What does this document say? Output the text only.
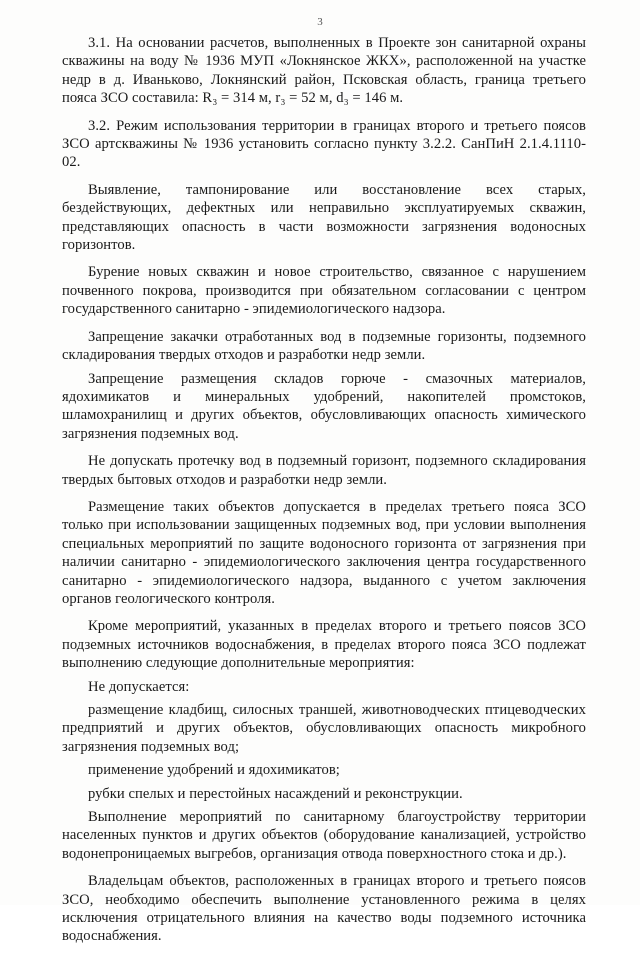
3

3.1. На основании расчетов, выполненных в Проекте зон санитарной охраны скважины на воду № 1936 МУП «Локнянское ЖКХ», расположенной на участке недр в д. Иваньково, Локнянский район, Псковская область, граница третьего пояса ЗСО составила: R₃ = 314 м, r₃ = 52 м, d₃ = 146 м.

3.2. Режим использования территории в границах второго и третьего поясов ЗСО артскважины № 1936 установить согласно пункту 3.2.2. СанПиН 2.1.4.1110-02.

Выявление, тампонирование или восстановление всех старых, бездействующих, дефектных или неправильно эксплуатируемых скважин, представляющих опасность в части возможности загрязнения водоносных горизонтов.

Бурение новых скважин и новое строительство, связанное с нарушением почвенного покрова, производится при обязательном согласовании с центром государственного санитарно - эпидемиологического надзора.

Запрещение закачки отработанных вод в подземные горизонты, подземного складирования твердых отходов и разработки недр земли.

Запрещение размещения складов горюче - смазочных материалов, ядохимикатов и минеральных удобрений, накопителей промстоков, шламохранилищ и других объектов, обусловливающих опасность химического загрязнения подземных вод.

Не допускать протечку вод в подземный горизонт, подземного складирования твердых бытовых отходов и разработки недр земли.

Размещение таких объектов допускается в пределах третьего пояса ЗСО только при использовании защищенных подземных вод, при условии выполнения специальных мероприятий по защите водоносного горизонта от загрязнения при наличии санитарно - эпидемиологического заключения центра государственного санитарно - эпидемиологического надзора, выданного с учетом заключения органов геологического контроля.

Кроме мероприятий, указанных в пределах второго и третьего поясов ЗСО подземных источников водоснабжения, в пределах второго пояса ЗСО подлежат выполнению следующие дополнительные мероприятия:

Не допускается:

размещение кладбищ, силосных траншей, животноводческих птицеводческих предприятий и других объектов, обусловливающих опасность микробного загрязнения подземных вод;

применение удобрений и ядохимикатов;

рубки спелых и перестойных насаждений и реконструкции.

Выполнение мероприятий по санитарному благоустройству территории населенных пунктов и других объектов (оборудование канализацией, устройство водонепроницаемых выгребов, организация отвода поверхностного стока и др.).

Владельцам объектов, расположенных в границах второго и третьего поясов ЗСО, необходимо обеспечить выполнение установленного режима в целях исключения отрицательного влияния на качество воды подземного источника водоснабжения.
